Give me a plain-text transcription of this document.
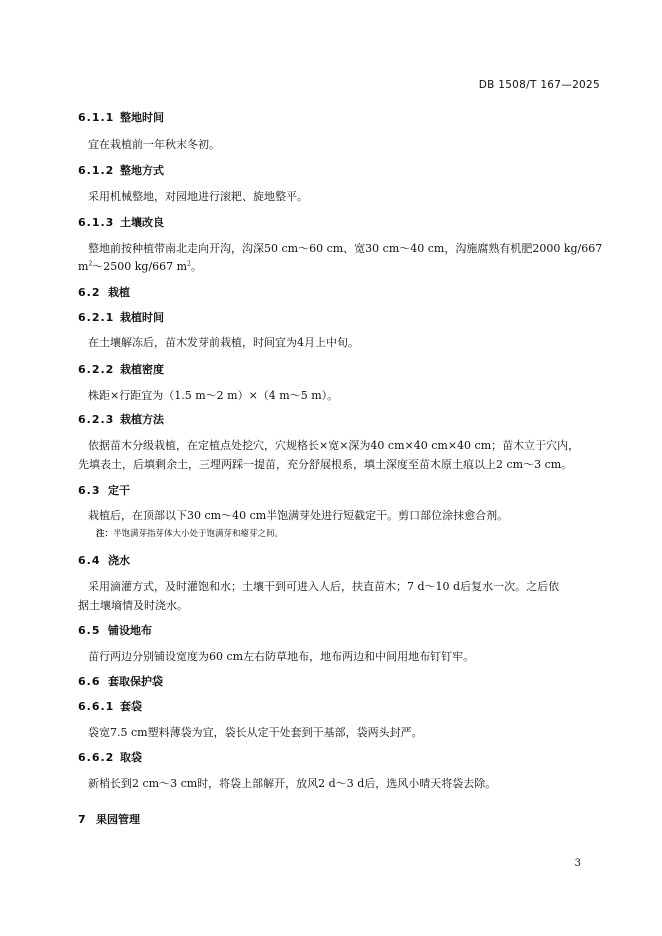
DB 1508/T 167—2025
6.1.1 整地时间
宜在栽植前一年秋末冬初。
6.1.2 整地方式
采用机械整地，对园地进行滚耙、旋地整平。
6.1.3 土壤改良
整地前按种植带南北走向开沟，沟深50 cm～60 cm、宽30 cm～40 cm，沟施腐熟有机肥2000 kg/667
$m^2\sim 2500$ kg/667 $m^2$。
6.2 栽植
6.2.1 栽植时间
在土壤解冻后，苗木发芽前栽植，时间宜为4月上中旬。
6.2.2 栽植密度
株距×行距宜为（1.5 m～2 m）×（4 m～5 m）。
6.2.3 栽植方法
依据苗木分级栽植，在定植点处挖穴，穴规格长×宽×深为40 cm×40 cm×40 cm；苗木立于穴内，
先填表土，后填剩余土，三埋两踩一提苗，充分舒展根系，填土深度至苗木原土痕以上2 cm～3 cm。
6.3 定干
栽植后，在顶部以下30 cm～40 cm半饱满芽处进行短截定干。剪口部位涂抹愈合剂。
注：半饱满芽指芽体大小处于饱满芽和瘪芽之间。
6.4 浇水
采用滴灌方式，及时灌饱和水；土壤干到可进入人后，扶直苗木；7 d～10 d后复水一次。之后依
据土壤墒情及时浇水。
6.5 铺设地布
苗行两边分别铺设宽度为60 cm左右防草地布，地布两边和中间用地布钉钉牢。
6.6 套取保护袋
6.6.1 套袋
袋宽7.5 cm塑料薄袋为宜，袋长从定干处套到干基部，袋两头封严。
6.6.2 取袋
新梢长到2 cm～3 cm时，将袋上部解开，放风2 d～3 d后，选风小晴天将袋去除。
7 果园管理
3
